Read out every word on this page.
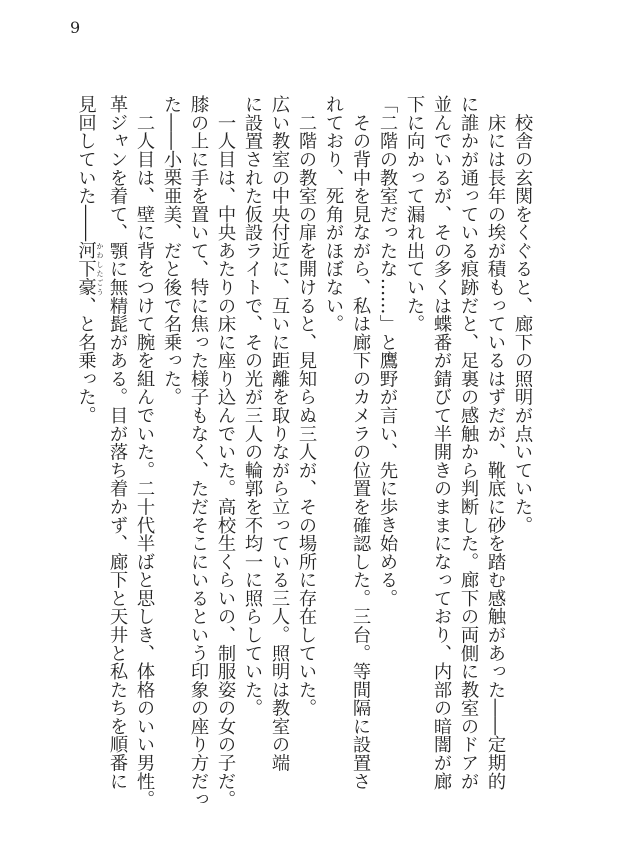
9
　校舎の玄関をくぐると、廊下の照明が点いていた。
　床には長年の埃が積もっているはずだが、靴底に砂を踏む感触があった――定期的
に誰かが通っている痕跡だと、足裏の感触から判断した。廊下の両側に教室のドアが
並んでいるが、その多くは蝶番が錆びて半開きのままになっており、内部の暗闇が廊
下に向かって漏れ出ていた。
「二階の教室だったな……」と鷹野が言い、先に歩き始める。
　その背中を見ながら、私は廊下のカメラの位置を確認した。三台。等間隔に設置さ
れており、死角がほぼない。
　二階の教室の扉を開けると、見知らぬ三人が、その場所に存在していた。
広い教室の中央付近に、互いに距離を取りながら立っている三人。照明は教室の端
に設置された仮設ライトで、その光が三人の輪郭を不均一に照らしていた。
　一人目は、中央あたりの床に座り込んでいた。高校生くらいの、制服姿の女の子だ。
膝の上に手を置いて、特に焦った様子もなく、ただそこにいるという印象の座り方だっ
た――小栗亜美、だと後で名乗った。
　二人目は、壁に背をつけて腕を組んでいた。二十代半ばと思しき、体格のいい男性。
革ジャンを着て、顎に無精髭がある。目が落ち着かず、廊下と天井と私たちを順番に
見回していた――河下豪 かわしたごう、と名乗った。
